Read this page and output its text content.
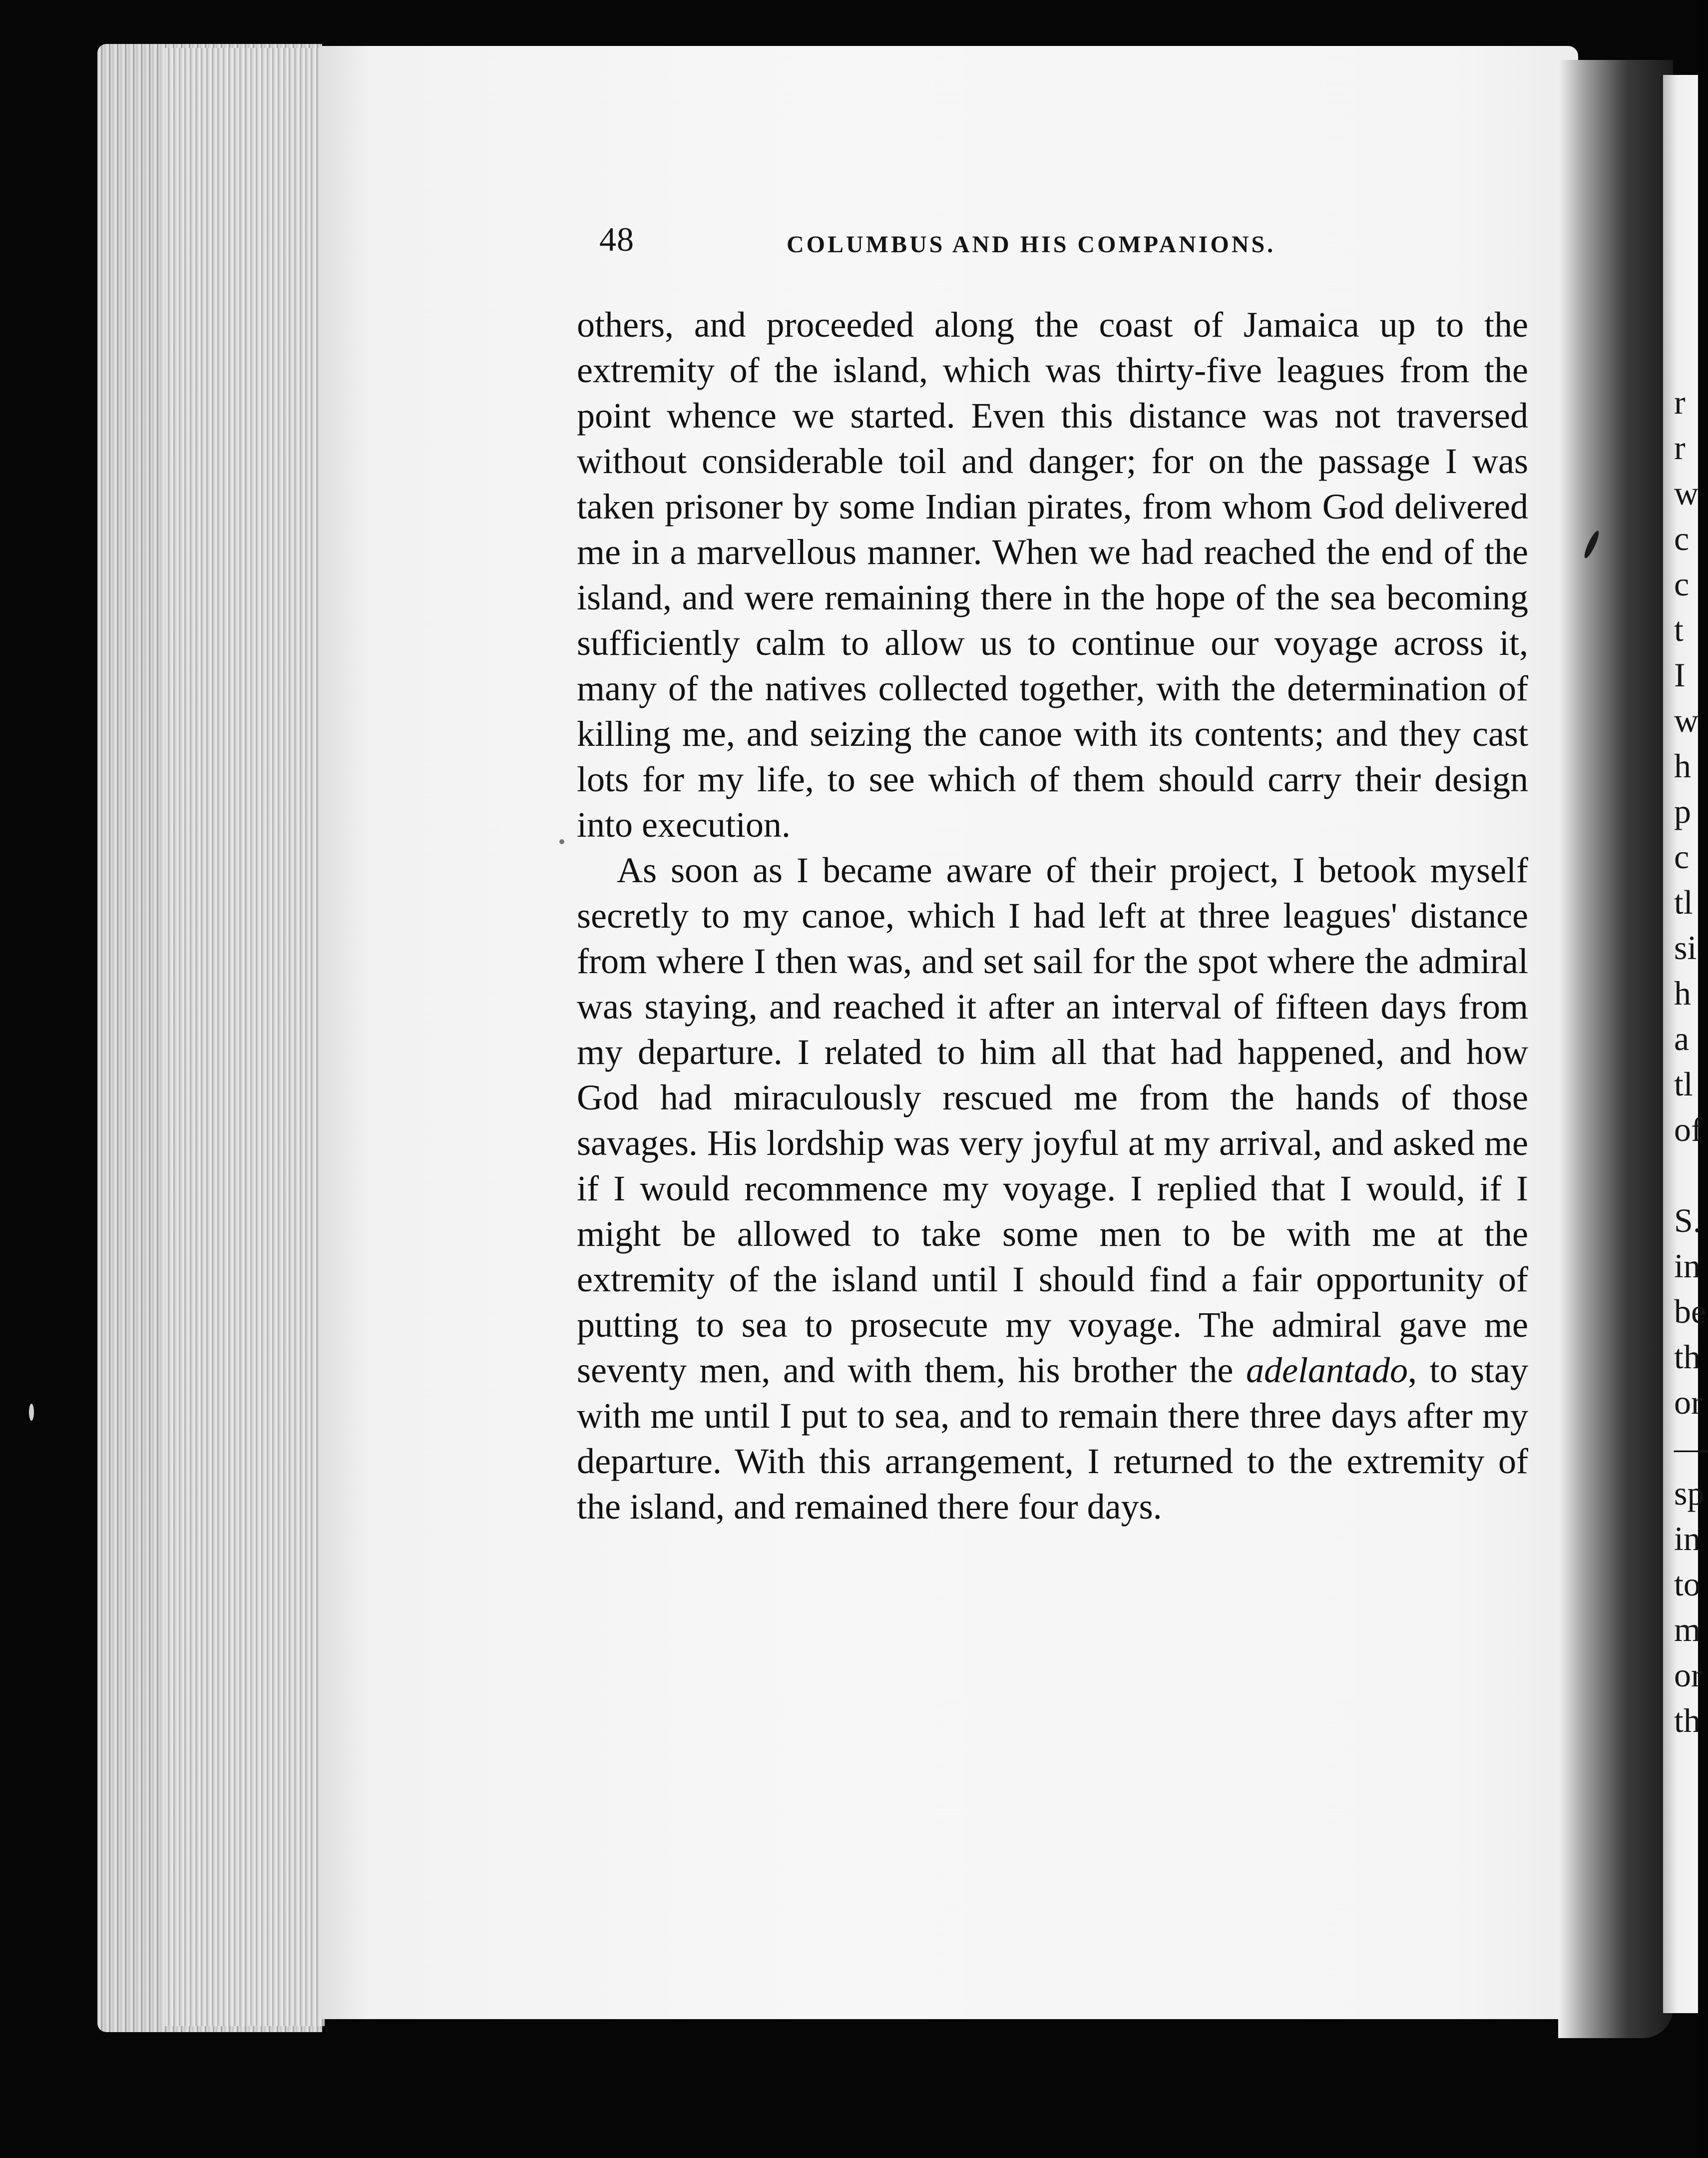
48	COLUMBUS AND HIS COMPANIONS.

others, and proceeded along the coast of Jamaica up to the extremity of the island, which was thirty-five leagues from the point whence we started. Even this distance was not traversed without considerable toil and danger; for on the passage I was taken prisoner by some Indian pirates, from whom God delivered me in a marvellous manner. When we had reached the end of the island, and were remaining there in the hope of the sea becoming sufficiently calm to allow us to continue our voyage across it, many of the natives collected together, with the determination of killing me, and seizing the canoe with its contents; and they cast lots for my life, to see which of them should carry their design into execution.

As soon as I became aware of their project, I betook myself secretly to my canoe, which I had left at three leagues' distance from where I then was, and set sail for the spot where the admiral was staying, and reached it after an interval of fifteen days from my departure. I related to him all that had happened, and how God had miraculously rescued me from the hands of those savages. His lordship was very joyful at my arrival, and asked me if I would recommence my voyage. I replied that I would, if I might be allowed to take some men to be with me at the extremity of the island until I should find a fair opportunity of putting to sea to prosecute my voyage. The admiral gave me seventy men, and with them, his brother the adelantado, to stay with me until I put to sea, and to remain there three days after my departure. With this arrangement, I returned to the extremity of the island, and remained there four days.

r
r
w
c
c
t
I
w
h
p
c
tl
si
h
a
tl
of
S.
in
be
th
or
—
sp
in
to
m
or
th
